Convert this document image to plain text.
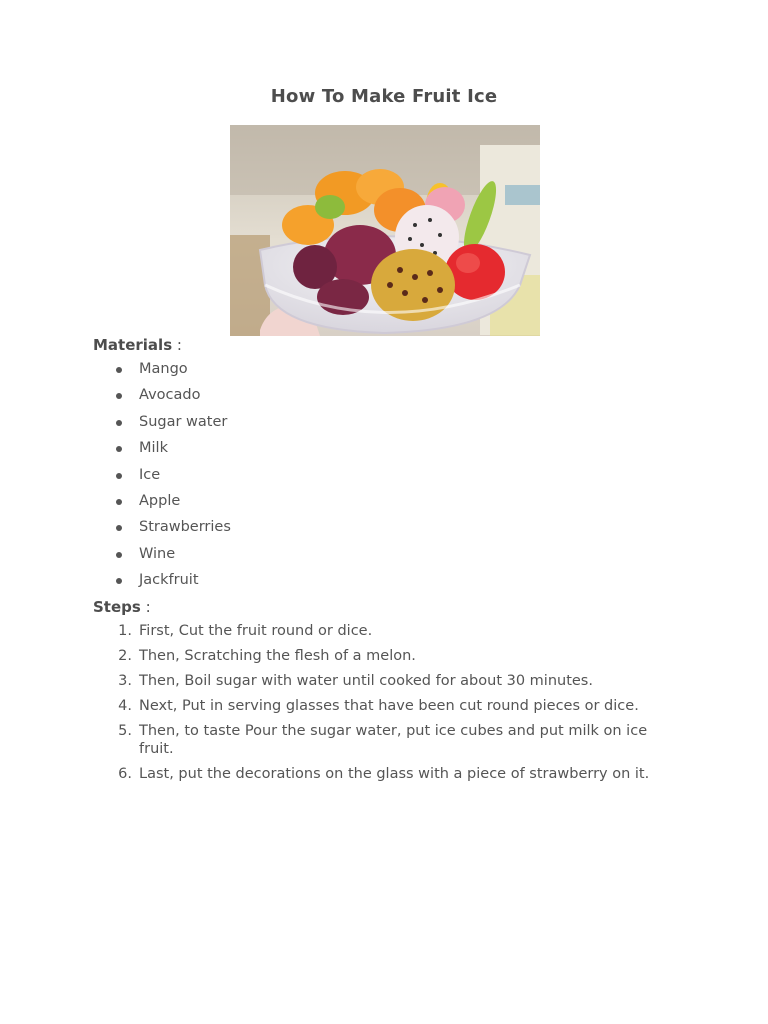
How To Make Fruit Ice
Materials :
Mango
Avocado
Sugar water
Milk
Ice
Apple
Strawberries
Wine
Jackfruit
Steps :
1. First, Cut the fruit round or dice.
2. Then, Scratching the flesh of a melon.
3. Then, Boil sugar with water until cooked for about 30 minutes.
4. Next, Put in serving glasses that have been cut round pieces or dice.
5. Then, to taste Pour the sugar water, put ice cubes and put milk on ice fruit.
6. Last, put the decorations on the glass with a piece of strawberry on it.
